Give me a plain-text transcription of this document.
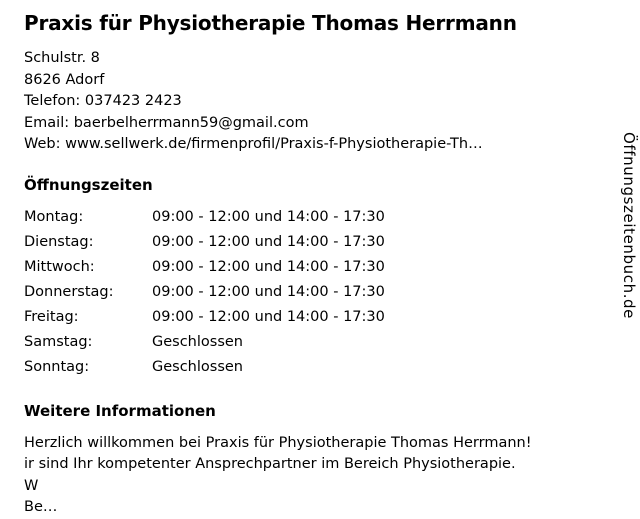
Praxis für Physiotherapie Thomas Herrmann
Schulstr. 8
8626 Adorf
Telefon: 037423 2423
Email: baerbelherrmann59@gmail.com
Web: www.sellwerk.de/firmenprofil/Praxis-f-Physiotherapie-Th…
Öffnungszeiten
Montag:	09:00 - 12:00 und 14:00 - 17:30
Dienstag:	09:00 - 12:00 und 14:00 - 17:30
Mittwoch:	09:00 - 12:00 und 14:00 - 17:30
Donnerstag:	09:00 - 12:00 und 14:00 - 17:30
Freitag:	09:00 - 12:00 und 14:00 - 17:30
Samstag:	Geschlossen
Sonntag:	Geschlossen
Weitere Informationen
Herzlich willkommen bei Praxis für Physiotherapie Thomas Herrmann!
ir sind Ihr kompetenter Ansprechpartner im Bereich Physiotherapie.
W
Be…
Öffnungszeitenbuch.de
